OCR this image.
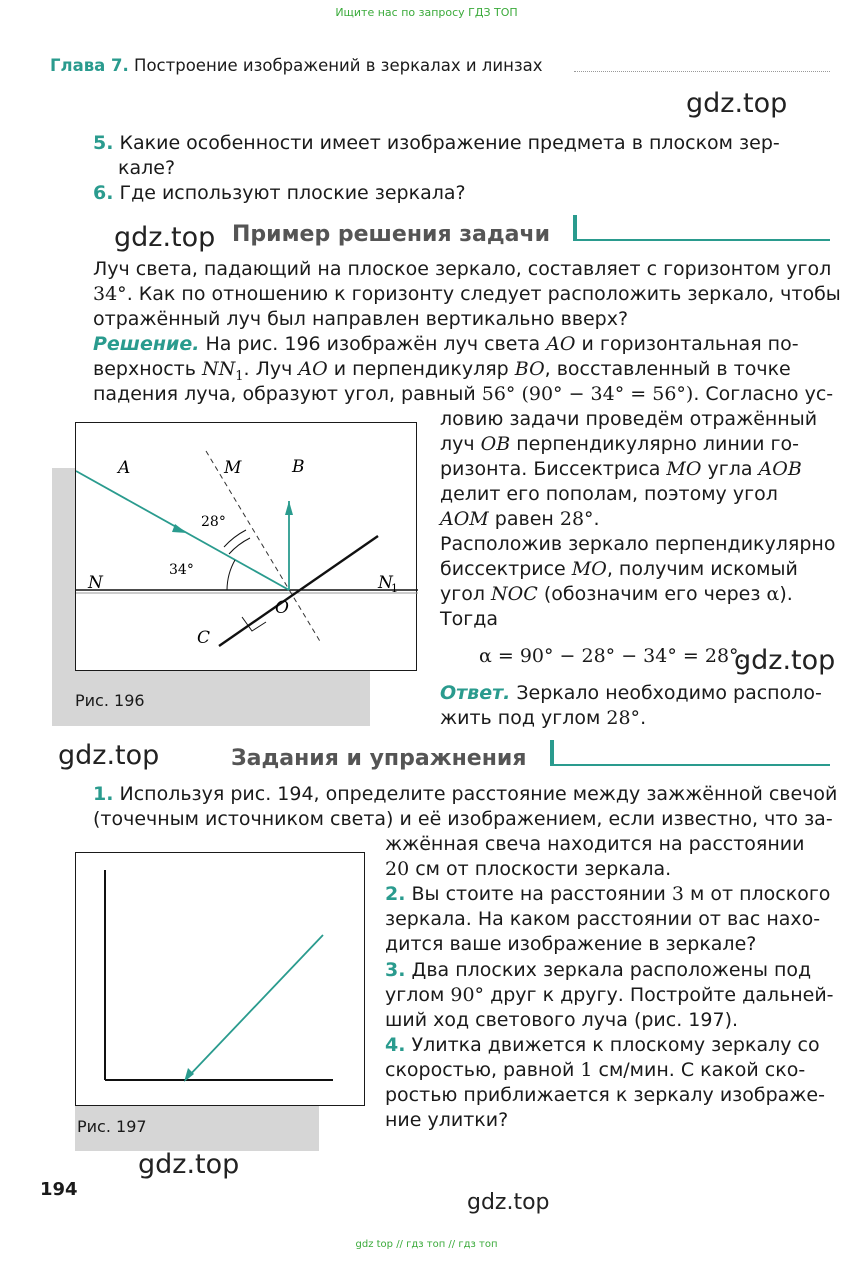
Ищите нас по запросу ГДЗ ТОП
Глава 7. Построение изображений в зеркалах и линзах
gdz.top
5. Какие особенности имеет изображение предмета в плоском зер-
кале?
6. Где используют плоские зеркала?
gdz.top Пример решения задачи
Луч света, падающий на плоское зеркало, составляет с горизонтом угол
34°. Как по отношению к горизонту следует расположить зеркало, чтобы
отражённый луч был направлен вертикально вверх?
Решение. На рис. 196 изображён луч света AO и горизонтальная по-
верхность $NN_1$. Луч AO и перпендикуляр BO, восставленный в точке
падения луча, образуют угол, равный 56° (90° − 34° = 56°). Согласно ус-
ловию задачи проведём отражённый
луч OB перпендикулярно линии го-
ризонта. Биссектриса MO угла AOB
делит его пополам, поэтому угол
AOM равен 28°.
Расположив зеркало перпендикулярно
биссектрисе MO, получим искомый
угол NOC (обозначим его через α).
Тогда
α = 90° − 28° − 34° = 28°.
gdz.top
Ответ. Зеркало необходимо располо-
жить под углом 28°.
A	M	B
N	N
1
O
C
28°
34°
Рис. 196
gdz.top	Задания и упражнения
1. Используя рис. 194, определите расстояние между зажжённой свечой
(точечным источником света) и её изображением, если известно, что за-
жжённая свеча находится на расстоянии
20 см от плоскости зеркала.
2. Вы стоите на расстоянии 3 м от плоского
зеркала. На каком расстоянии от вас нахо-
дится ваше изображение в зеркале?
3. Два плоских зеркала расположены под
углом 90° друг к другу. Постройте дальней-
ший ход светового луча (рис. 197).
4. Улитка движется к плоскому зеркалу со
скоростью, равной 1 см/мин. С какой ско-
ростью приближается к зеркалу изображе-
ние улитки?
Рис. 197
gdz.top
194
gdz.top
gdz top // гдз топ // гдз топ
